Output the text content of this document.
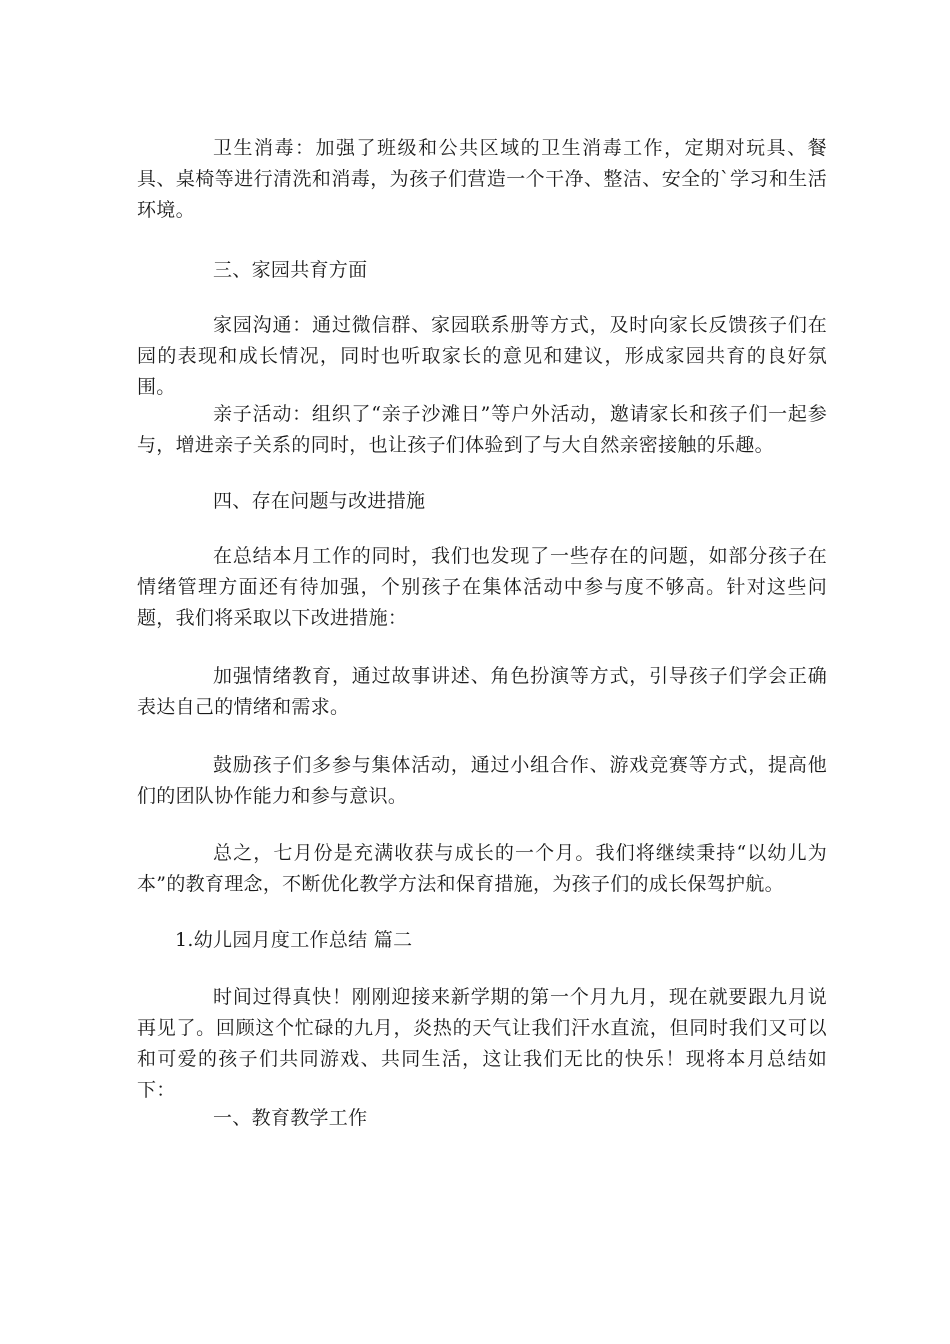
卫生消毒：加强了班级和公共区域的卫生消毒工作，定期对玩具、餐具、桌椅等进行清洗和消毒，为孩子们营造一个干净、整洁、安全的`学习和生活环境。

三、家园共育方面

家园沟通：通过微信群、家园联系册等方式，及时向家长反馈孩子们在园的表现和成长情况，同时也听取家长的意见和建议，形成家园共育的良好氛围。

亲子活动：组织了“亲子沙滩日”等户外活动，邀请家长和孩子们一起参与，增进亲子关系的同时，也让孩子们体验到了与大自然亲密接触的乐趣。

四、存在问题与改进措施

在总结本月工作的同时，我们也发现了一些存在的问题，如部分孩子在情绪管理方面还有待加强，个别孩子在集体活动中参与度不够高。针对这些问题，我们将采取以下改进措施：

加强情绪教育，通过故事讲述、角色扮演等方式，引导孩子们学会正确表达自己的情绪和需求。

鼓励孩子们多参与集体活动，通过小组合作、游戏竞赛等方式，提高他们的团队协作能力和参与意识。

总之，七月份是充满收获与成长的一个月。我们将继续秉持“以幼儿为本”的教育理念，不断优化教学方法和保育措施，为孩子们的成长保驾护航。

1.幼儿园月度工作总结 篇二

时间过得真快！刚刚迎接来新学期的第一个月九月，现在就要跟九月说再见了。回顾这个忙碌的九月，炎热的天气让我们汗水直流，但同时我们又可以和可爱的孩子们共同游戏、共同生活，这让我们无比的快乐！现将本月总结如下：

一、教育教学工作
